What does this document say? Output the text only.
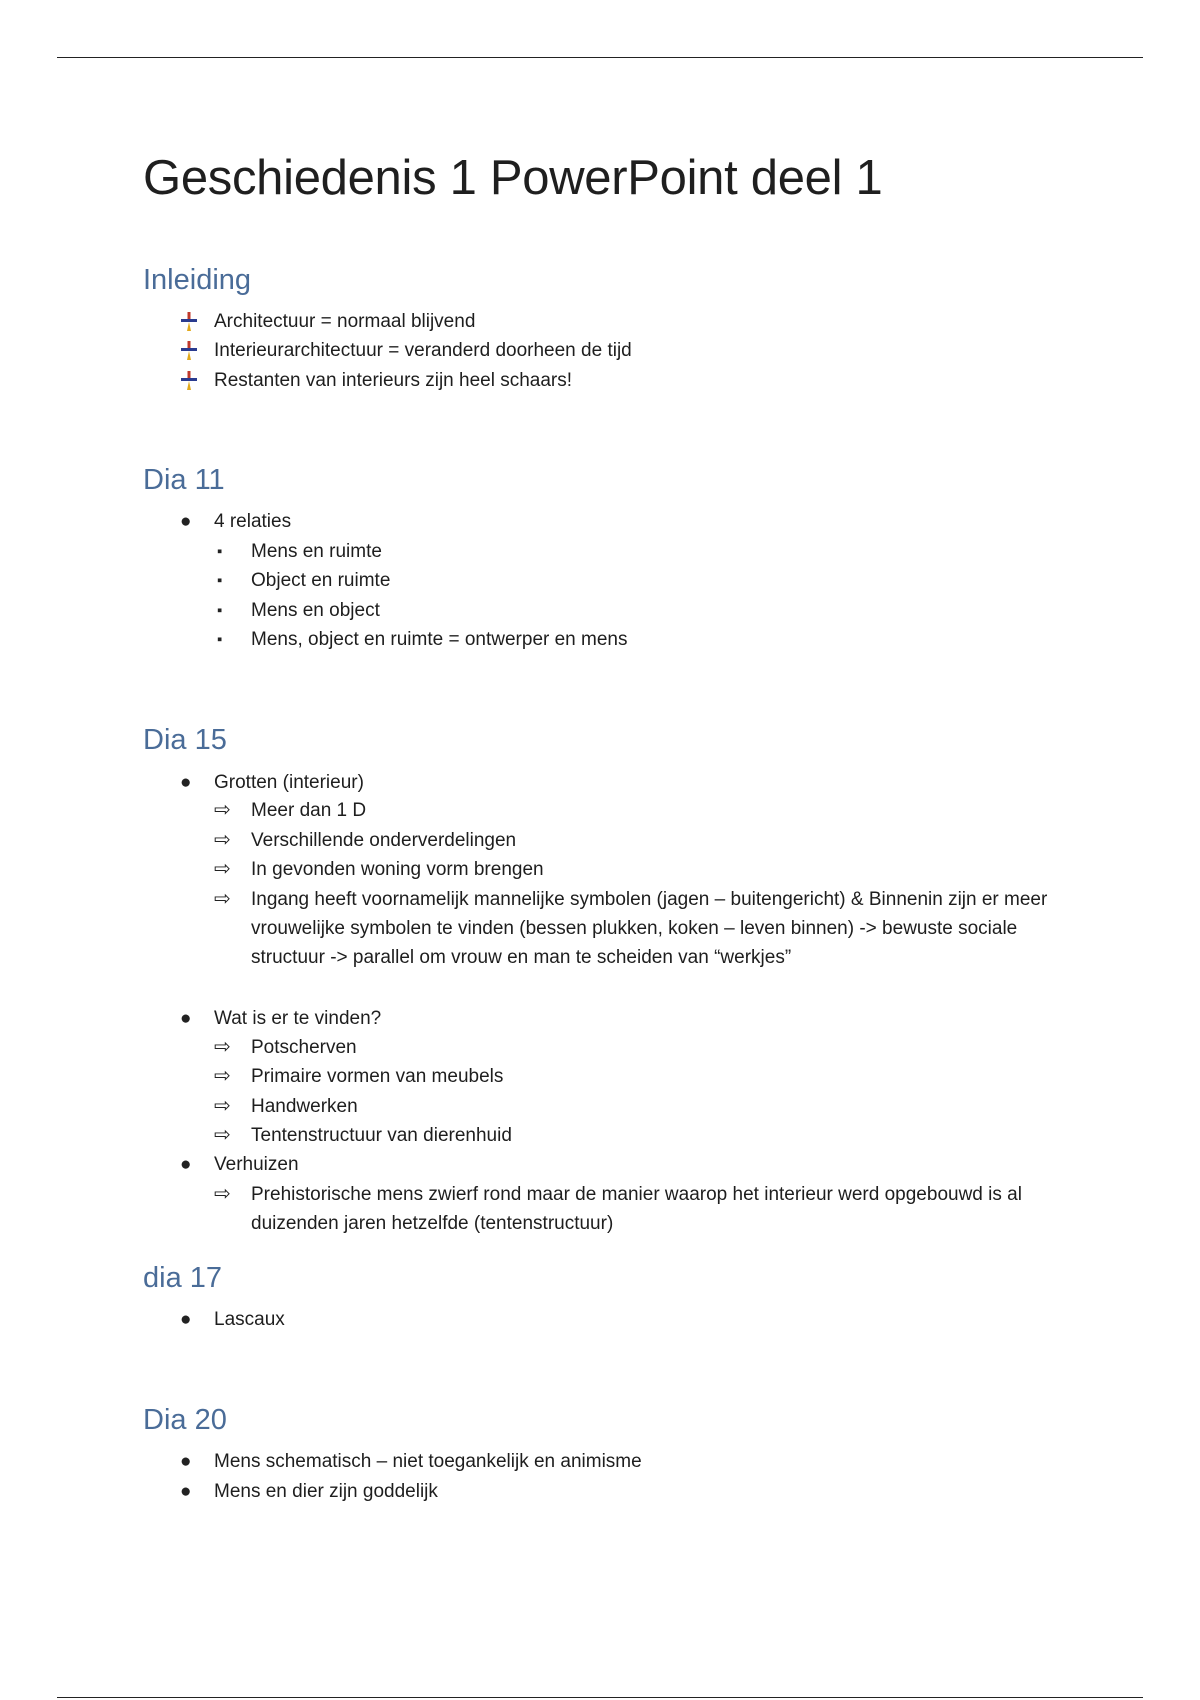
Geschiedenis 1 PowerPoint deel 1
Inleiding

Architectuur = normaal blijvend

Interieurarchitectuur = veranderd doorheen de tijd

Restanten van interieurs zijn heel schaars!

Dia 11
● 4 relaties

▪ Mens en ruimte

▪ Object en ruimte

▪ Mens en object

▪ Mens, object en ruimte = ontwerper en mens

Dia 15
● Grotten (interieur)

⇨ Meer dan 1 D

⇨ Verschillende onderverdelingen

⇨ In gevonden woning vorm brengen

⇨ Ingang heeft voornamelijk mannelijke symbolen (jagen – buitengericht) & Binnenin zijn er meer vrouwelijke symbolen te vinden (bessen plukken, koken – leven binnen) -> bewuste sociale structuur -> parallel om vrouw en man te scheiden van “werkjes”

● Wat is er te vinden?

⇨ Potscherven

⇨ Primaire vormen van meubels

⇨ Handwerken

⇨ Tentenstructuur van dierenhuid

● Verhuizen

⇨ Prehistorische mens zwierf rond maar de manier waarop het interieur werd opgebouwd is al duizenden jaren hetzelfde (tentenstructuur)

dia 17
● Lascaux

Dia 20
● Mens schematisch – niet toegankelijk en animisme

● Mens en dier zijn goddelijk
